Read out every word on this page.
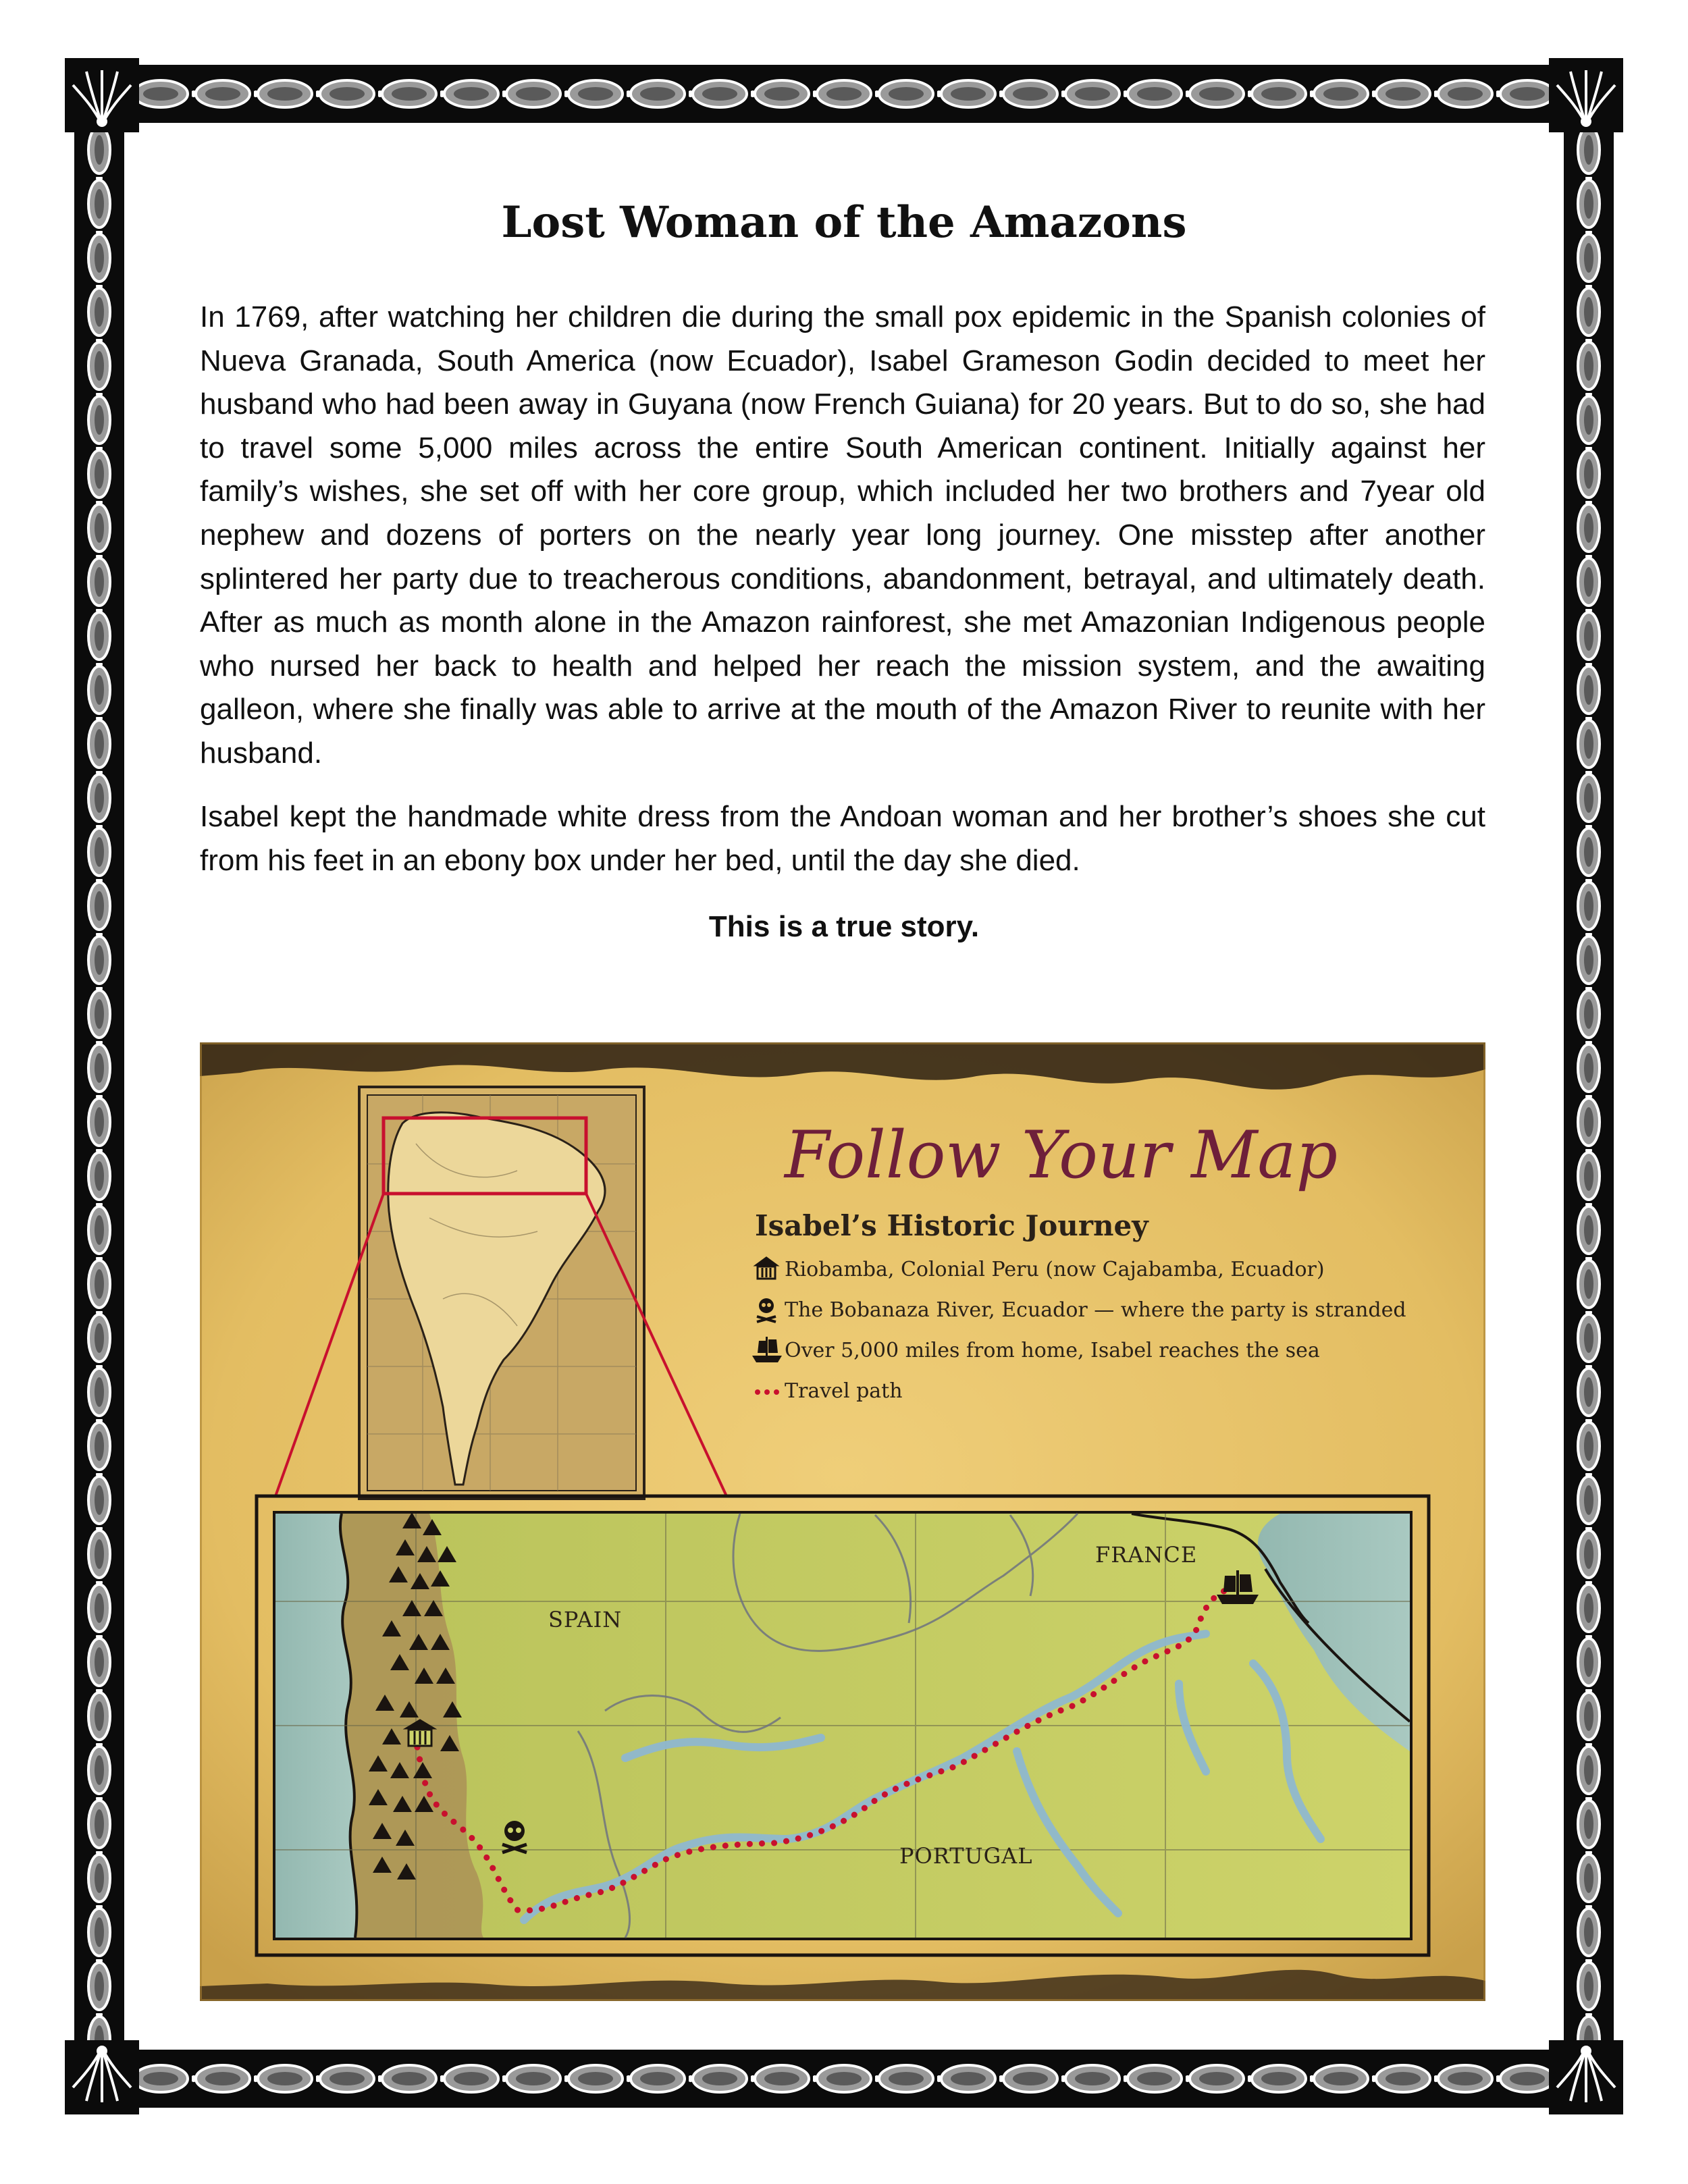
Lost Woman of the Amazons

In 1769, after watching her children die during the small pox epidemic in the Spanish colonies of Nueva Granada, South America (now Ecuador), Isabel Grameson Godin decided to meet her husband who had been away in Guyana (now French Guiana) for 20 years. But to do so, she had to travel some 5,000 miles across the entire South American continent. Initially against her family’s wishes, she set off with her core group, which included her two brothers and 7year old nephew and dozens of porters on the nearly year long journey. One misstep after another splintered her party due to treacherous conditions, abandonment, betrayal, and ultimately death. After as much as month alone in the Amazon rainforest, she met Amazonian Indigenous people who nursed her back to health and helped her reach the mission system, and the awaiting galleon, where she finally was able to arrive at the mouth of the Amazon River to reunite with her husband.

Isabel kept the handmade white dress from the Andoan woman and her brother’s shoes she cut from his feet in an ebony box under her bed, until the day she died.

This is a true story.

Follow Your Map
Isabel’s Historic Journey
Riobamba, Colonial Peru (now Cajabamba, Ecuador)
The Bobanaza River, Ecuador — where the party is stranded
Over 5,000 miles from home, Isabel reaches the sea
Travel path
FRANCE
SPAIN
PORTUGAL
